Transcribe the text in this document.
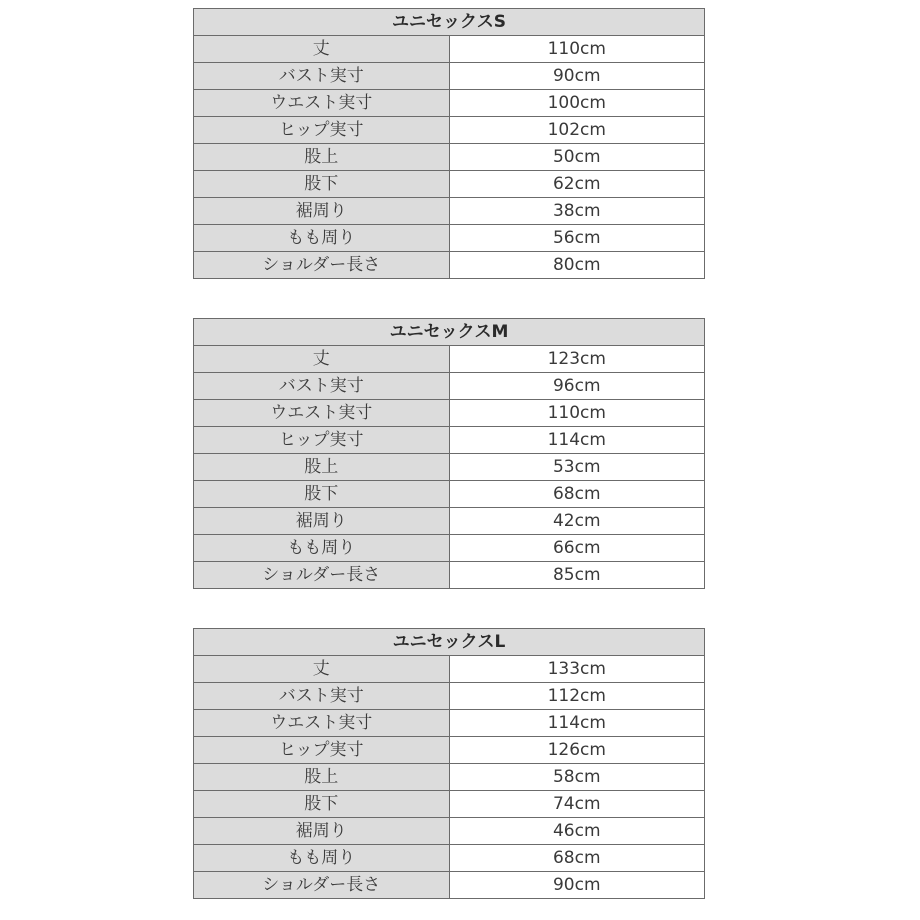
ユニセックスS	
丈	110cm
バスト実寸	90cm
ウエスト実寸	100cm
ヒップ実寸	102cm
股上	50cm
股下	62cm
裾周り	38cm
もも周り	56cm
ショルダー長さ	80cm
ユニセックスM	
丈	123cm
バスト実寸	96cm
ウエスト実寸	110cm
ヒップ実寸	114cm
股上	53cm
股下	68cm
裾周り	42cm
もも周り	66cm
ショルダー長さ	85cm
ユニセックスL	
丈	133cm
バスト実寸	112cm
ウエスト実寸	114cm
ヒップ実寸	126cm
股上	58cm
股下	74cm
裾周り	46cm
もも周り	68cm
ショルダー長さ	90cm
